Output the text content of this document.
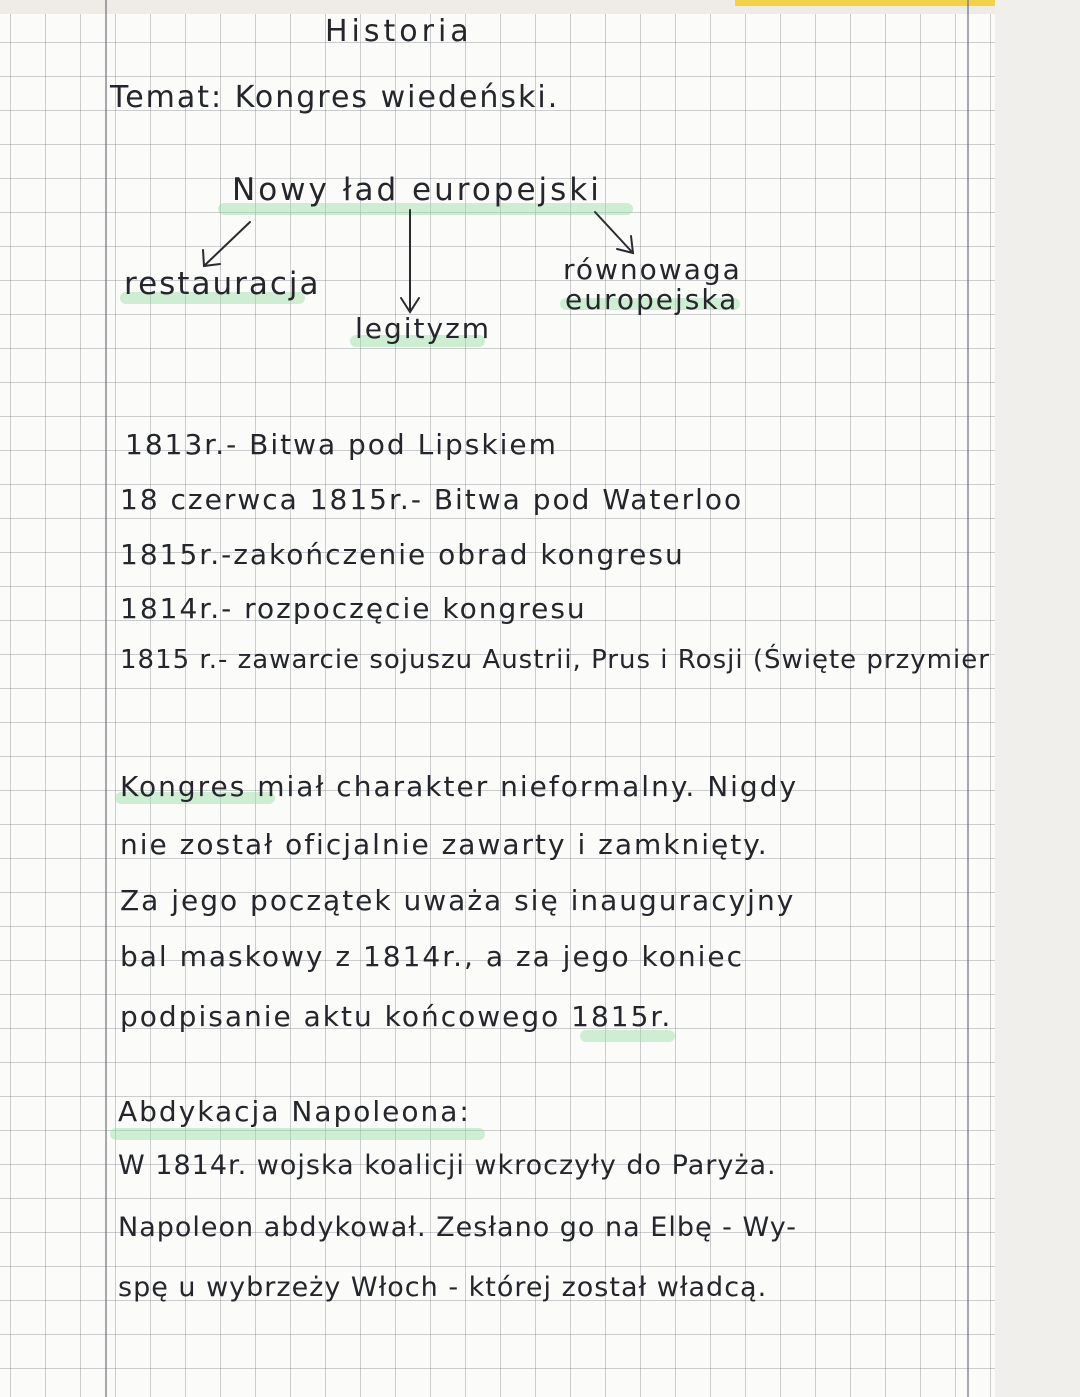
Historia
Temat: Kongres wiedeński.
Nowy ład europejski
restauracja
legityzm
równowaga
europejska
1813r.- Bitwa pod Lipskiem
18 czerwca 1815r.- Bitwa pod Waterloo
1815r.-zakończenie obrad kongresu
1814r.- rozpoczęcie kongresu
1815 r.- zawarcie sojuszu Austrii, Prus i Rosji (Święte przymier
Kongres miał charakter nieformalny. Nigdy
nie został oficjalnie zawarty i zamknięty.
Za jego początek uważa się inauguracyjny
bal maskowy z 1814r., a za jego koniec
podpisanie aktu końcowego 1815r.
Abdykacja Napoleona:
W 1814r. wojska koalicji wkroczyły do Paryża.
Napoleon abdykował. Zesłano go na Elbę - Wy-
spę u wybrzeży Włoch - której został władcą.
